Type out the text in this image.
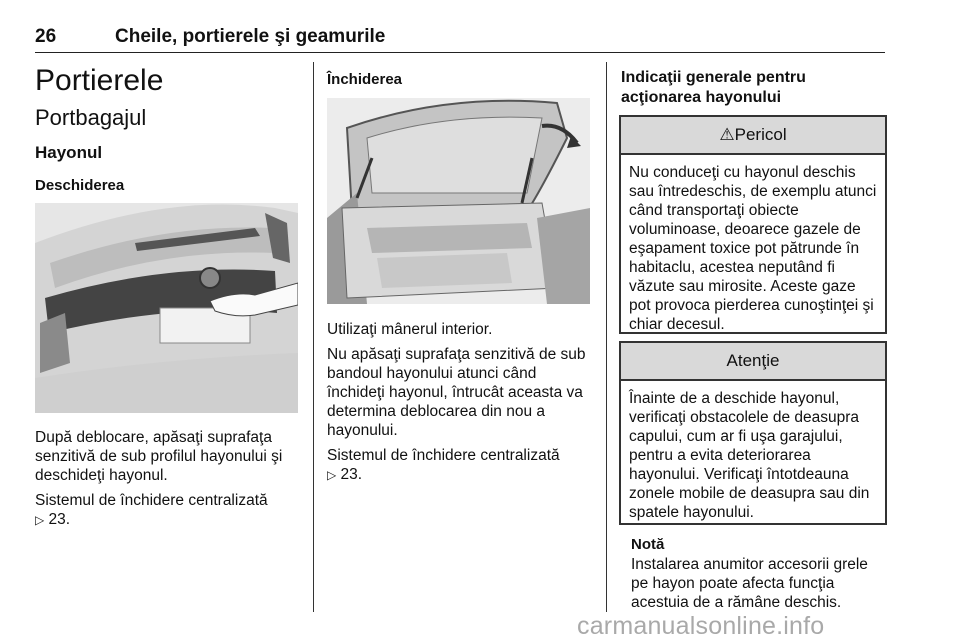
26	Cheile, portierele şi geamurile
Portierele
Portbagajul
Hayonul
Deschiderea

După deblocare, apăsaţi suprafaţa senzitivă de sub profilul hayonului şi deschideţi hayonul.

Sistemul de închidere centralizată
▷ 23.

Închiderea

Utilizaţi mânerul interior.

Nu apăsaţi suprafaţa senzitivă de sub bandoul hayonului atunci când închideţi hayonul, întrucât aceasta va determina deblocarea din nou a hayonului.

Sistemul de închidere centralizată
▷ 23.

Indicaţii generale pentru acţionarea hayonului
⚠Pericol
Nu conduceţi cu hayonul deschis sau întredeschis, de exemplu atunci când transportaţi obiecte voluminoase, deoarece gazele de eşapament toxice pot pătrunde în habitaclu, acestea neputând fi văzute sau mirosite. Aceste gaze pot provoca pierderea cunoştinţei şi chiar decesul.
Atenţie
Înainte de a deschide hayonul, verificaţi obstacolele de deasupra capului, cum ar fi uşa garajului, pentru a evita deteriorarea hayonului. Verificaţi întotdeauna zonele mobile de deasupra sau din spatele hayonului.
Notă

Instalarea anumitor accesorii grele pe hayon poate afecta funcţia acestuia de a rămâne deschis.

carmanualsonline.info
